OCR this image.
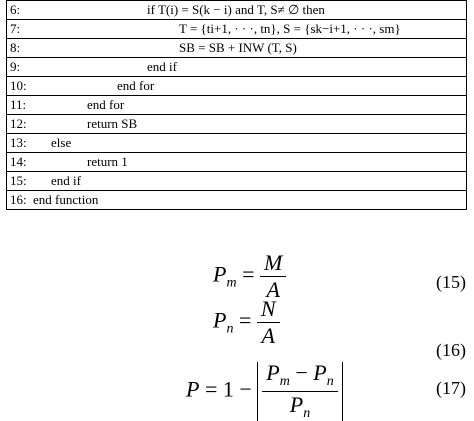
6:	if T(i) = S(k − i) and T, S≠ ∅ then

7:	T = {ti+1, · · ·, tn}, S = {sk−i+1, · · ·, sm}

8:	SB = SB + INW (T, S)

9:	end if

10:	end for

11:	end for

12:	return SB

13: else

14:	return 1

15: end if

16: end function
$P_m = \frac{M}{A}$	(15)
$P_n = \frac{N}{A}$
(16)
$P = 1 - \frac{P_m - P_n}{P_n}$	(17)
